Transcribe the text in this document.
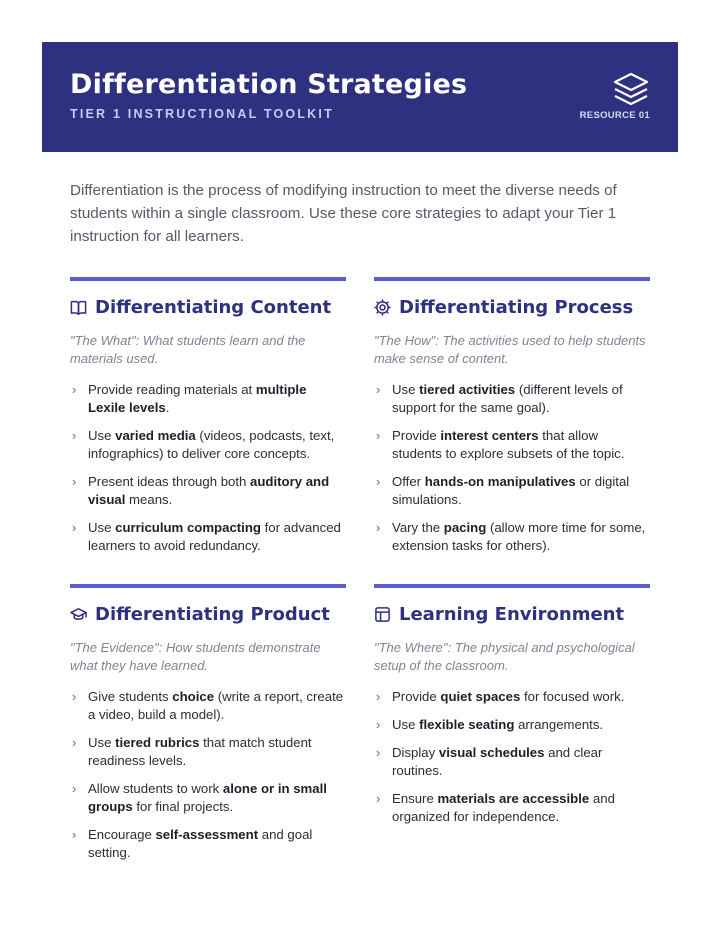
Differentiation Strategies
TIER 1 INSTRUCTIONAL TOOLKIT	RESOURCE 01
Differentiation is the process of modifying instruction to meet the diverse needs of students within a single classroom. Use these core strategies to adapt your Tier 1 instruction for all learners.
Differentiating Content
"The What": What students learn and the materials used.
› Provide reading materials at multiple Lexile levels.
› Use varied media (videos, podcasts, text, infographics) to deliver core concepts.
› Present ideas through both auditory and visual means.
› Use curriculum compacting for advanced learners to avoid redundancy.
Differentiating Process
"The How": The activities used to help students make sense of content.
› Use tiered activities (different levels of support for the same goal).
› Provide interest centers that allow students to explore subsets of the topic.
› Offer hands-on manipulatives or digital simulations.
› Vary the pacing (allow more time for some, extension tasks for others).
Differentiating Product
"The Evidence": How students demonstrate what they have learned.
› Give students choice (write a report, create a video, build a model).
› Use tiered rubrics that match student readiness levels.
› Allow students to work alone or in small groups for final projects.
› Encourage self-assessment and goal setting.
Learning Environment
"The Where": The physical and psychological setup of the classroom.
› Provide quiet spaces for focused work.
› Use flexible seating arrangements.
› Display visual schedules and clear routines.
› Ensure materials are accessible and organized for independence.
